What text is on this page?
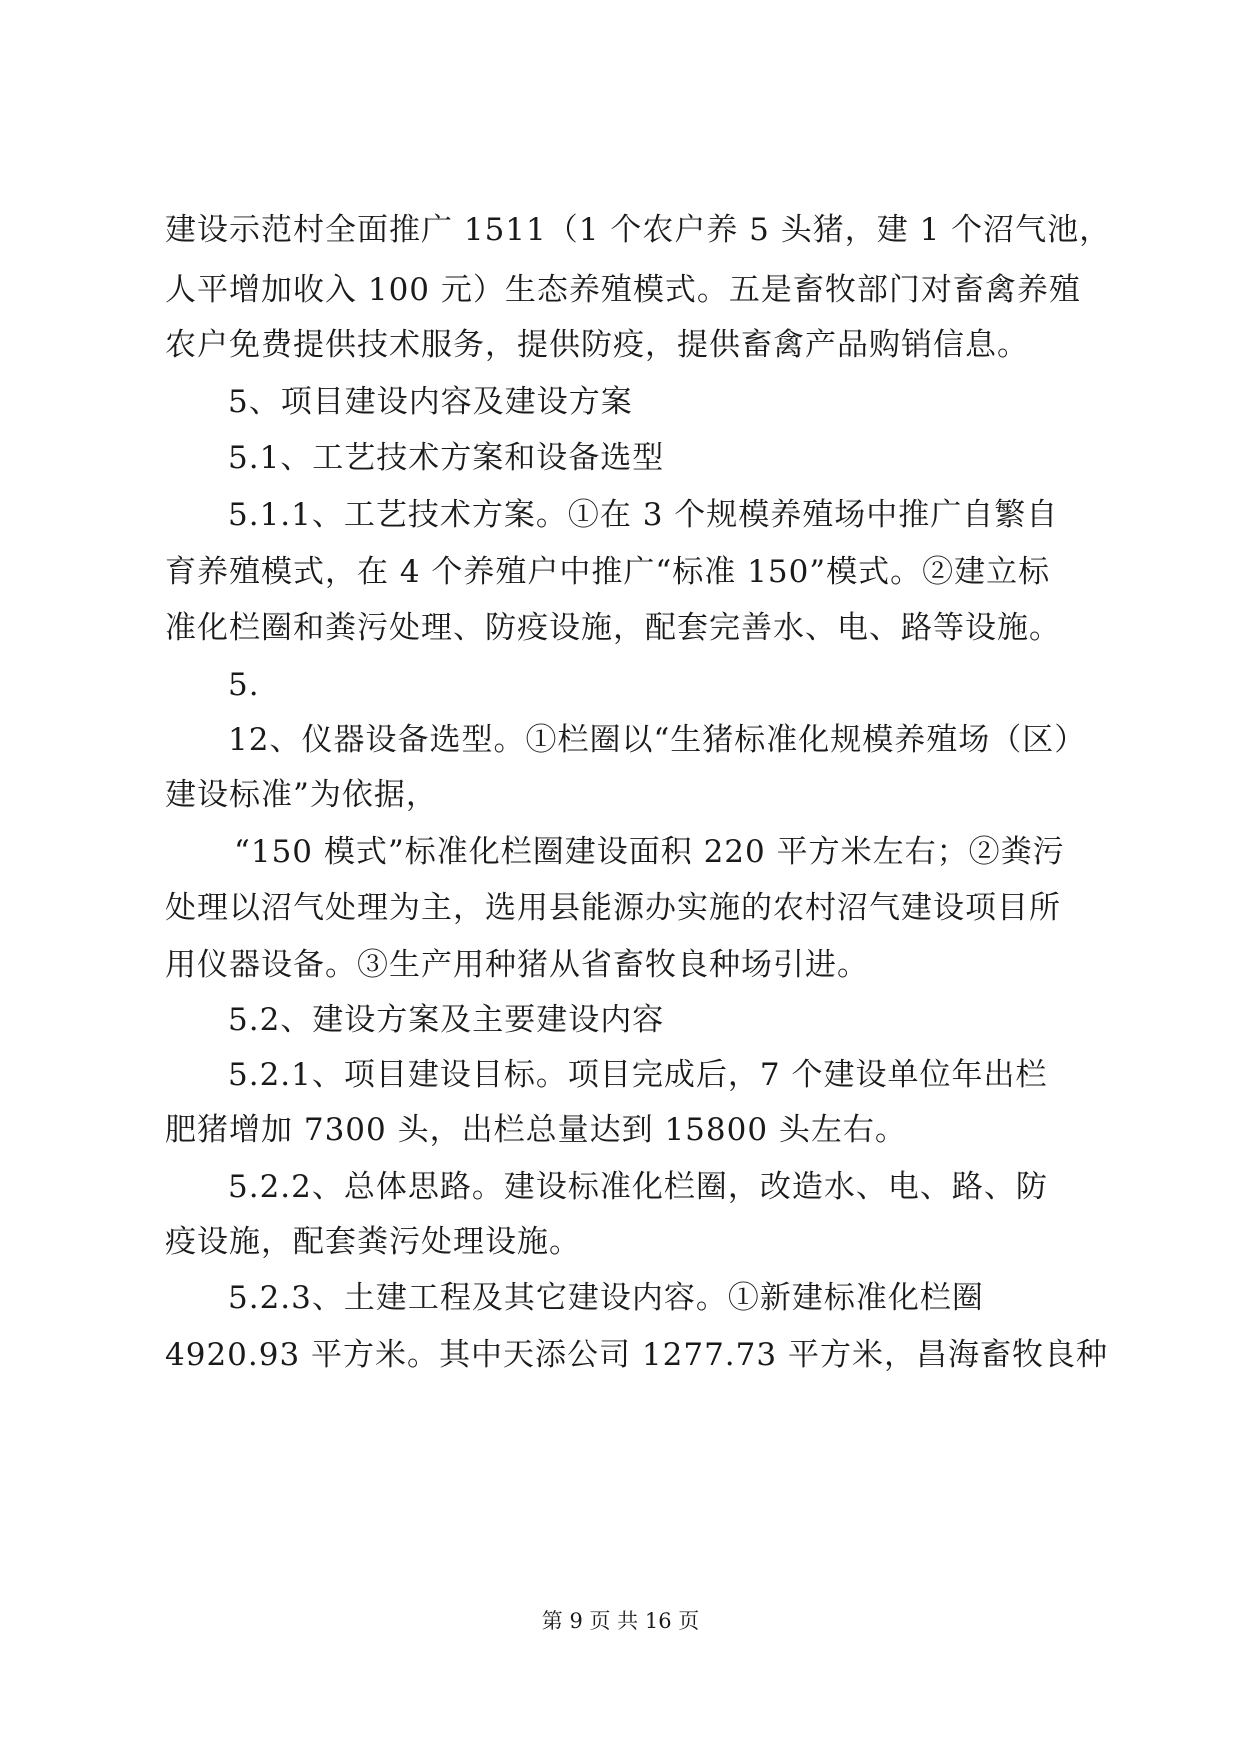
建设示范村全面推广 1511（1 个农户养 5 头猪，建 1 个沼气池，
人平增加收入 100 元）生态养殖模式。五是畜牧部门对畜禽养殖
农户免费提供技术服务，提供防疫，提供畜禽产品购销信息。
5、项目建设内容及建设方案
5.1、工艺技术方案和设备选型
5.1.1、工艺技术方案。①在 3 个规模养殖场中推广自繁自
育养殖模式，在 4 个养殖户中推广“标准 150”模式。②建立标
准化栏圈和粪污处理、防疫设施，配套完善水、电、路等设施。
5.
12、仪器设备选型。①栏圈以“生猪标准化规模养殖场（区）
建设标准”为依据，
“150 模式”标准化栏圈建设面积 220 平方米左右；②粪污
处理以沼气处理为主，选用县能源办实施的农村沼气建设项目所
用仪器设备。③生产用种猪从省畜牧良种场引进。
5.2、建设方案及主要建设内容
5.2.1、项目建设目标。项目完成后，7 个建设单位年出栏
肥猪增加 7300 头，出栏总量达到 15800 头左右。
5.2.2、总体思路。建设标准化栏圈，改造水、电、路、防
疫设施，配套粪污处理设施。
5.2.3、土建工程及其它建设内容。①新建标准化栏圈
4920.93 平方米。其中天添公司 1277.73 平方米，昌海畜牧良种
第 9 页 共 16 页
